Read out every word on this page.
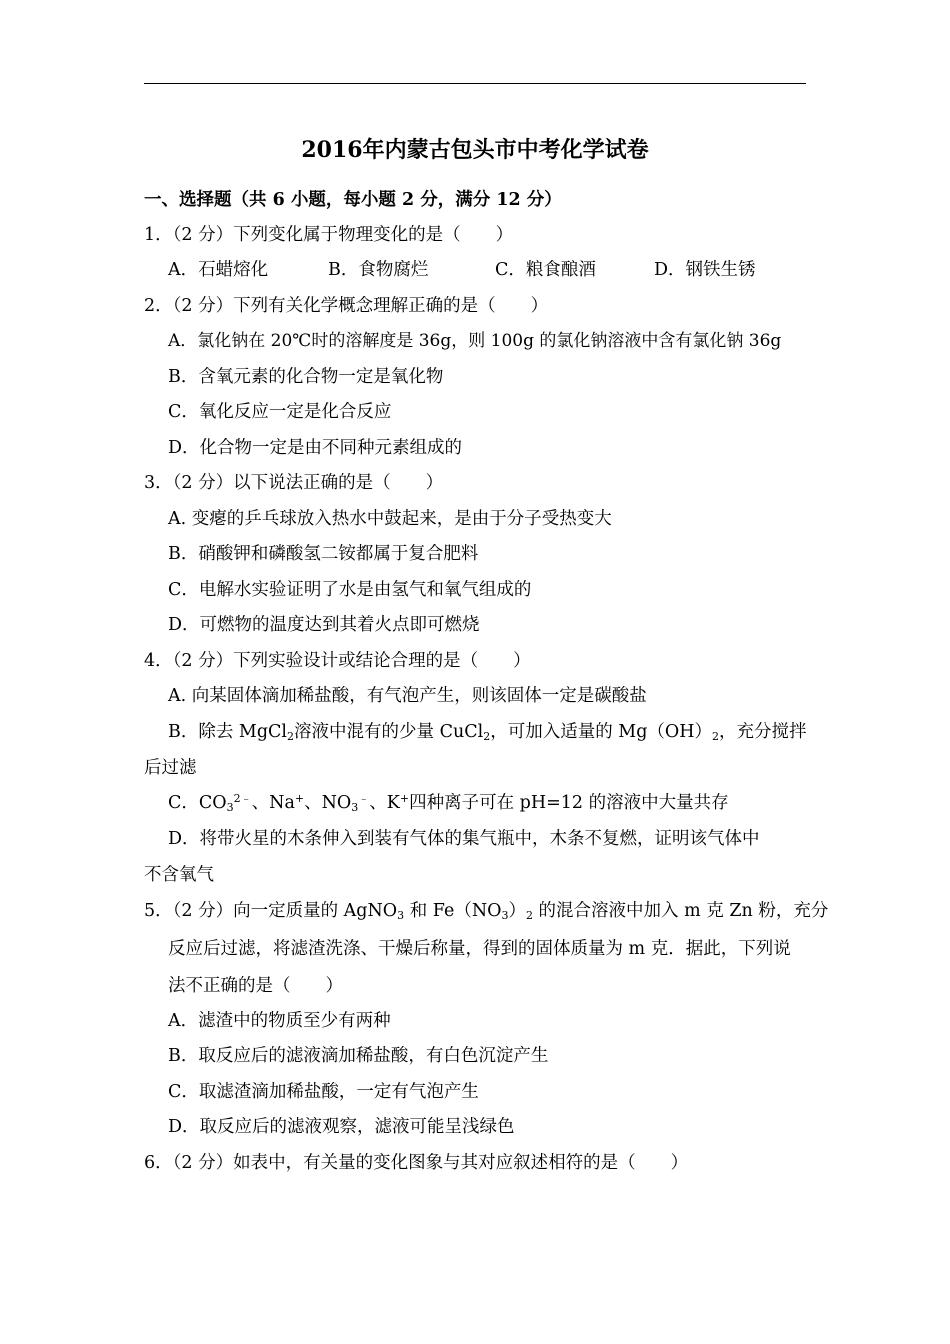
2016年内蒙古包头市中考化学试卷
一、选择题（共 6 小题，每小题 2 分，满分 12 分）
1．（2 分）下列变化属于物理变化的是（　　）
A．石蜡熔化	B．食物腐烂	C．粮食酿酒	D．钢铁生锈
2．（2 分）下列有关化学概念理解正确的是（　　）
A．氯化钠在 20℃时的溶解度是 36g，则 100g 的氯化钠溶液中含有氯化钠 36g
B．含氧元素的化合物一定是氧化物
C．氧化反应一定是化合反应
D．化合物一定是由不同种元素组成的
3．（2 分）以下说法正确的是（　　）
A. 变瘪的乒乓球放入热水中鼓起来，是由于分子受热变大
B．硝酸钾和磷酸氢二铵都属于复合肥料
C．电解水实验证明了水是由氢气和氧气组成的
D．可燃物的温度达到其着火点即可燃烧
4．（2 分）下列实验设计或结论合理的是（　　）
A. 向某固体滴加稀盐酸，有气泡产生，则该固体一定是碳酸盐
B．除去 MgCl$_2$溶液中混有的少量 CuCl$_2$，可加入适量的 $Mg(OH)_2$，充分搅拌
后过滤
C．$CO_3^{2﹣}$、Na+、$NO_3^﹣$、K+四种离子可在 pH=12 的溶液中大量共存
D．将带火星的木条伸入到装有气体的集气瓶中，木条不复燃，证明该气体中
不含氧气
5．（2 分）向一定质量的 AgNO$_3$ 和 $Fe(NO_3)_2$ 的混合溶液中加入 m 克 Zn 粉，充分
反应后过滤，将滤渣洗涤、干燥后称量，得到的固体质量为 m 克．据此，下列说
法不正确的是（　　）
A．滤渣中的物质至少有两种
B．取反应后的滤液滴加稀盐酸，有白色沉淀产生
C．取滤渣滴加稀盐酸，一定有气泡产生
D．取反应后的滤液观察，滤液可能呈浅绿色
6．（2 分）如表中，有关量的变化图象与其对应叙述相符的是（　　）
